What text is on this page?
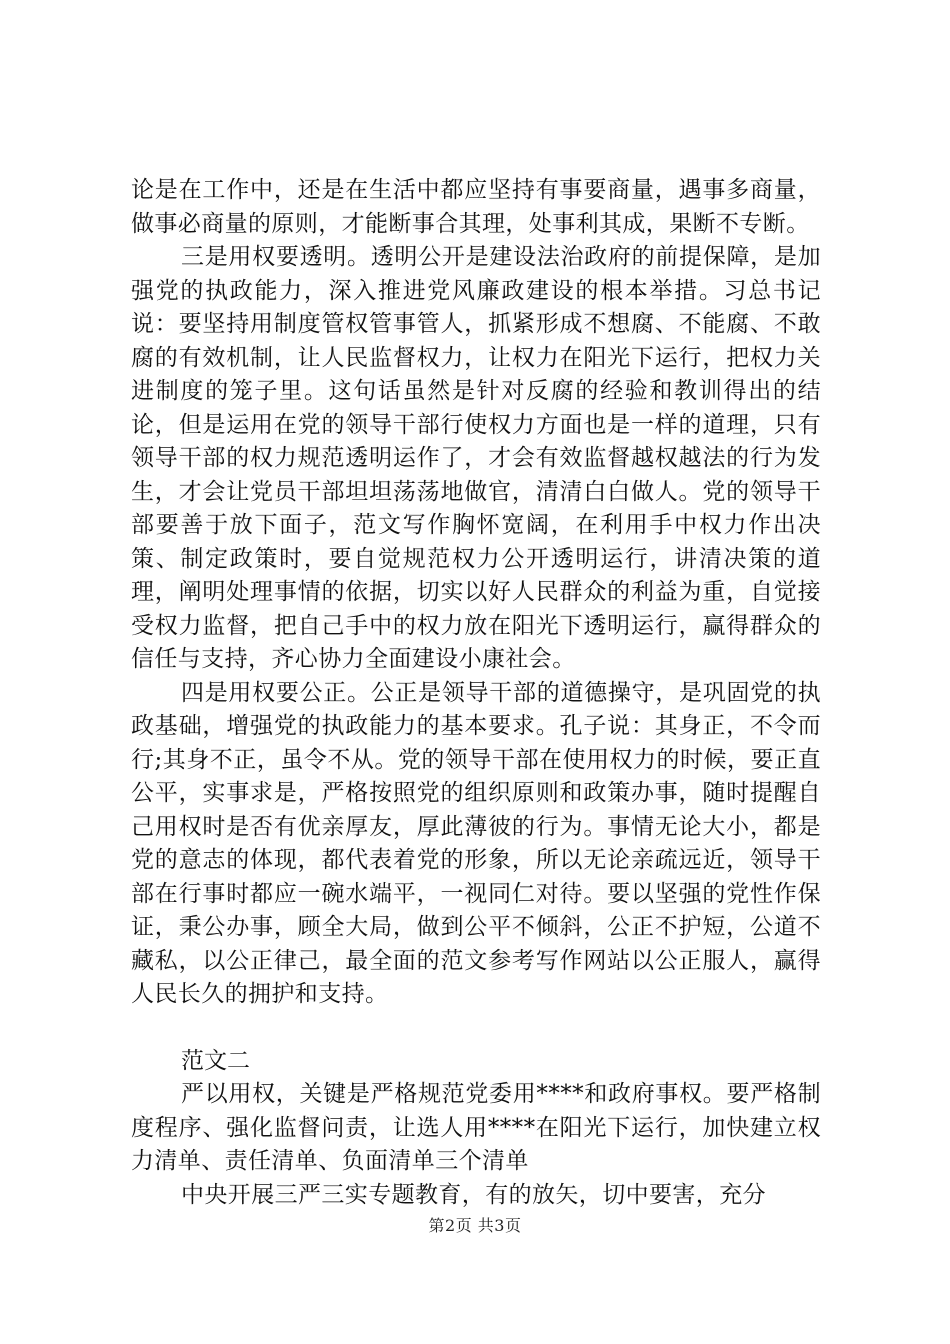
论是在工作中，还是在生活中都应坚持有事要商量，遇事多商量，做事必商量的原则，才能断事合其理，处事利其成，果断不专断。

三是用权要透明。透明公开是建设法治政府的前提保障，是加强党的执政能力，深入推进党风廉政建设的根本举措。习总书记说：要坚持用制度管权管事管人，抓紧形成不想腐、不能腐、不敢腐的有效机制，让人民监督权力，让权力在阳光下运行，把权力关进制度的笼子里。这句话虽然是针对反腐的经验和教训得出的结论，但是运用在党的领导干部行使权力方面也是一样的道理，只有领导干部的权力规范透明运作了，才会有效监督越权越法的行为发生，才会让党员干部坦坦荡荡地做官，清清白白做人。党的领导干部要善于放下面子，范文写作胸怀宽阔，在利用手中权力作出决策、制定政策时，要自觉规范权力公开透明运行，讲清决策的道理，阐明处理事情的依据，切实以好人民群众的利益为重，自觉接受权力监督，把自己手中的权力放在阳光下透明运行，赢得群众的信任与支持，齐心协力全面建设小康社会。

四是用权要公正。公正是领导干部的道德操守，是巩固党的执政基础，增强党的执政能力的基本要求。孔子说：其身正，不令而行;其身不正，虽令不从。党的领导干部在使用权力的时候，要正直公平，实事求是，严格按照党的组织原则和政策办事，随时提醒自己用权时是否有优亲厚友，厚此薄彼的行为。事情无论大小，都是党的意志的体现，都代表着党的形象，所以无论亲疏远近，领导干部在行事时都应一碗水端平，一视同仁对待。要以坚强的党性作保证，秉公办事，顾全大局，做到公平不倾斜，公正不护短，公道不藏私，以公正律己，最全面的范文参考写作网站以公正服人，赢得人民长久的拥护和支持。

范文二

严以用权，关键是严格规范党委用****和政府事权。要严格制度程序、强化监督问责，让选人用****在阳光下运行，加快建立权力清单、责任清单、负面清单三个清单

中央开展三严三实专题教育，有的放矢，切中要害，充分

第2页 共3页
